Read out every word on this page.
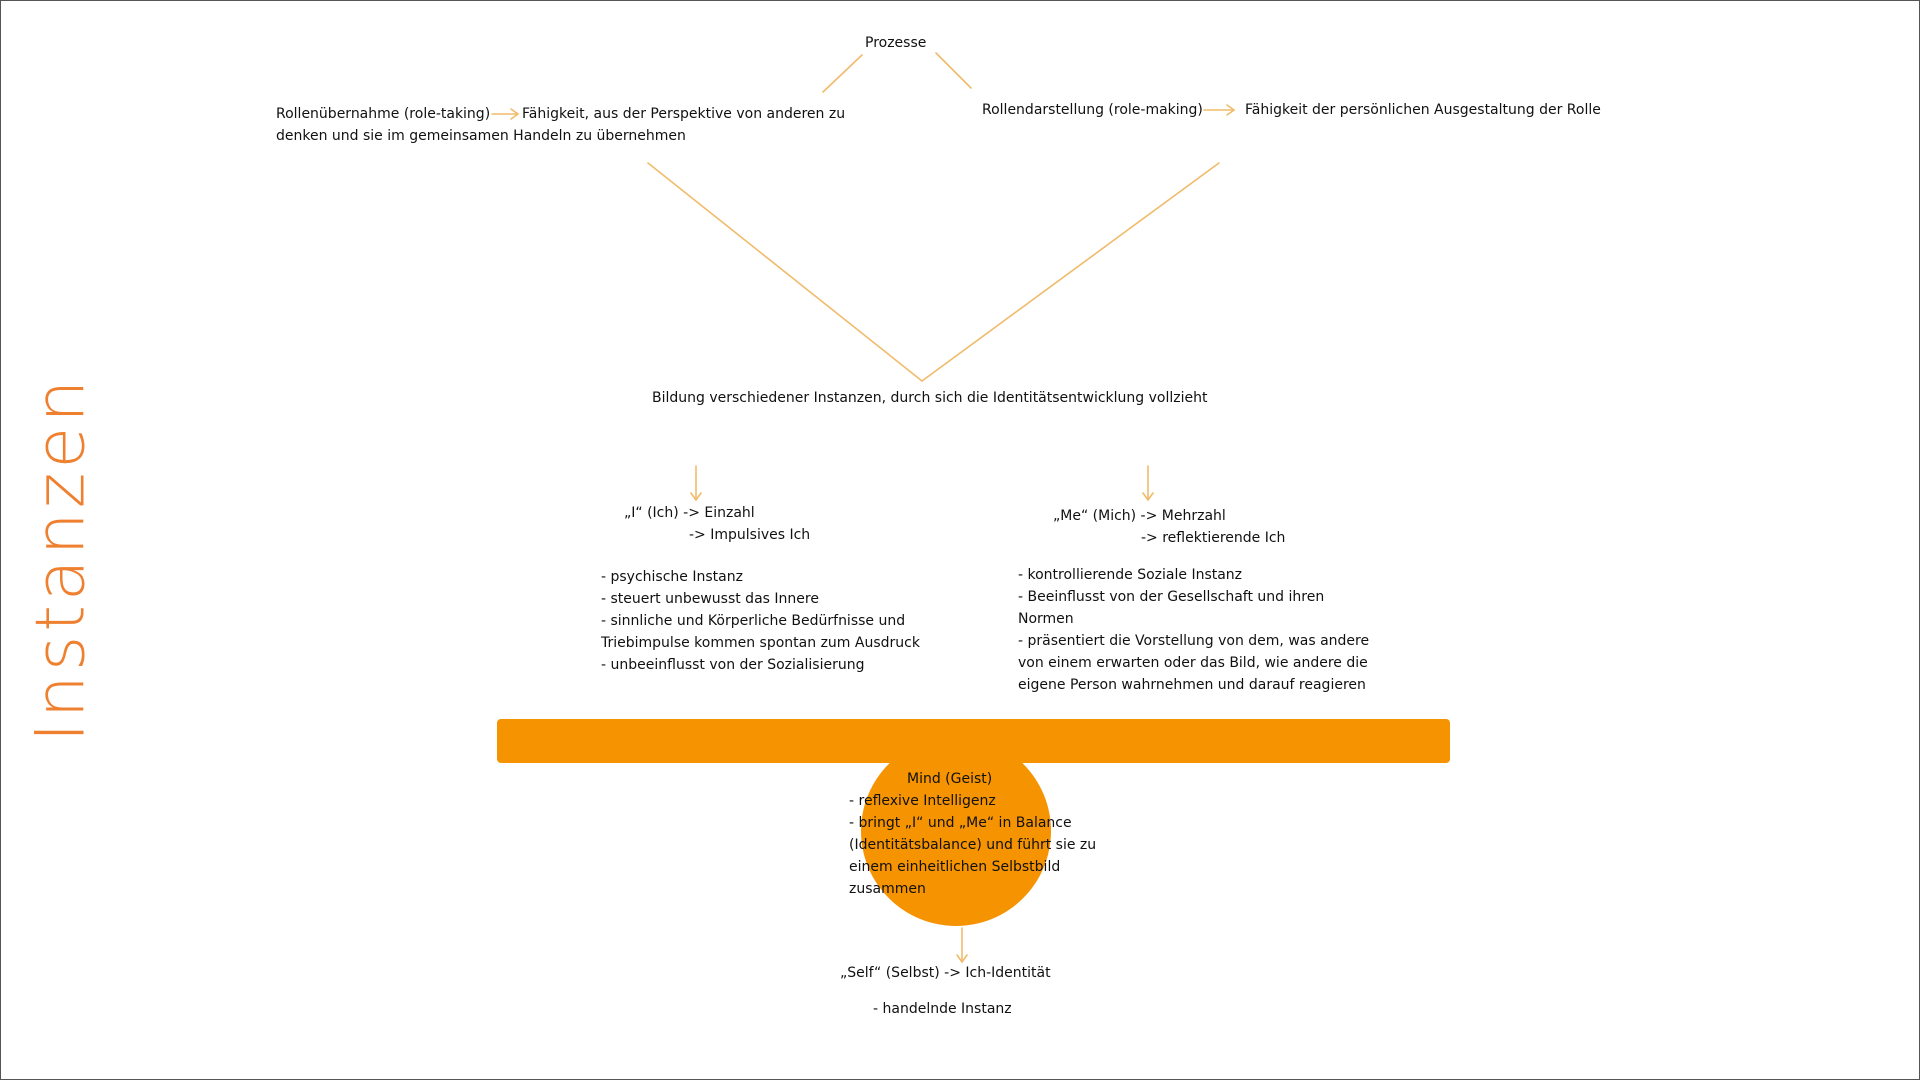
Instanzen
Prozesse
Rollenübernahme (role-taking) Fähigkeit, aus der Perspektive von anderen zu
denken und sie im gemeinsamen Handeln zu übernehmen
Rollendarstellung (role-making)	Fähigkeit der persönlichen Ausgestaltung der Rolle
Bildung verschiedener Instanzen, durch sich die Identitätsentwicklung vollzieht
„I“ (Ich) -> Einzahl
-> Impulsives Ich
- psychische Instanz
- steuert unbewusst das Innere
- sinnliche und Körperliche Bedürfnisse und
Triebimpulse kommen spontan zum Ausdruck
- unbeeinflusst von der Sozialisierung
„Me“ (Mich) -> Mehrzahl
-> reflektierende Ich
- kontrollierende Soziale Instanz
- Beeinflusst von der Gesellschaft und ihren
Normen
- präsentiert die Vorstellung von dem, was andere
von einem erwarten oder das Bild, wie andere die
eigene Person wahrnehmen und darauf reagieren
Mind (Geist)
- reflexive Intelligenz
- bringt „I“ und „Me“ in Balance
(Identitätsbalance) und führt sie zu
einem einheitlichen Selbstbild
zusammen
„Self“ (Selbst) -> Ich-Identität
- handelnde Instanz
